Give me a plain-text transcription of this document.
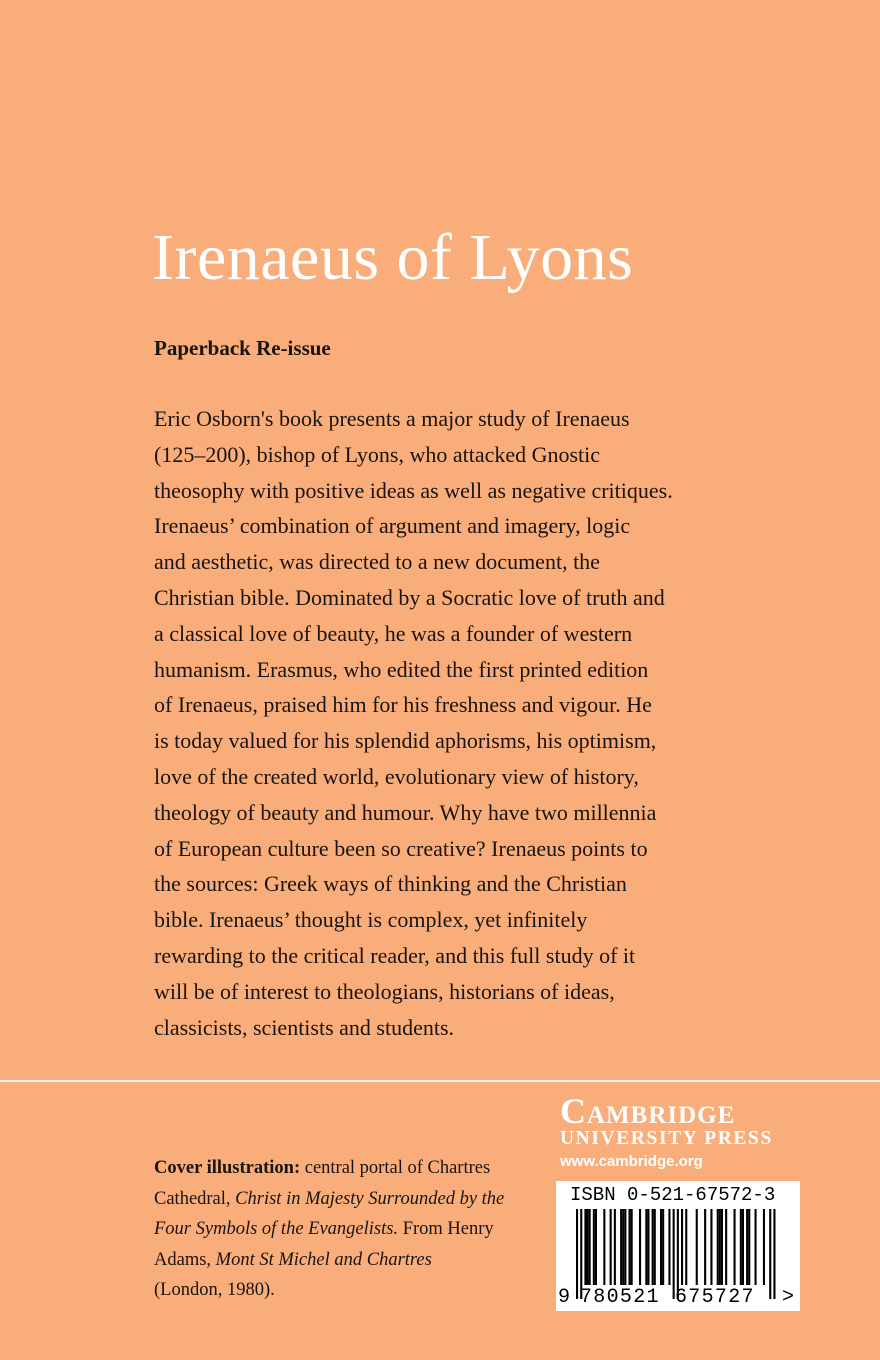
Irenaeus of Lyons
Paperback Re-issue
Eric Osborn's book presents a major study of Irenaeus
(125–200), bishop of Lyons, who attacked Gnostic
theosophy with positive ideas as well as negative critiques.
Irenaeus’ combination of argument and imagery, logic
and aesthetic, was directed to a new document, the
Christian bible. Dominated by a Socratic love of truth and
a classical love of beauty, he was a founder of western
humanism. Erasmus, who edited the first printed edition
of Irenaeus, praised him for his freshness and vigour. He
is today valued for his splendid aphorisms, his optimism,
love of the created world, evolutionary view of history,
theology of beauty and humour. Why have two millennia
of European culture been so creative? Irenaeus points to
the sources: Greek ways of thinking and the Christian
bible. Irenaeus’ thought is complex, yet infinitely
rewarding to the critical reader, and this full study of it
will be of interest to theologians, historians of ideas,
classicists, scientists and students.
Cover illustration: central portal of Chartres
Cathedral, Christ in Majesty Surrounded by the
Four Symbols of the Evangelists. From Henry
Adams, Mont St Michel and Chartres
(London, 1980).
Cambridge
UNIVERSITY PRESS
www.cambridge.org
ISBN 0-521-67572-3
9 780521 675727 >
